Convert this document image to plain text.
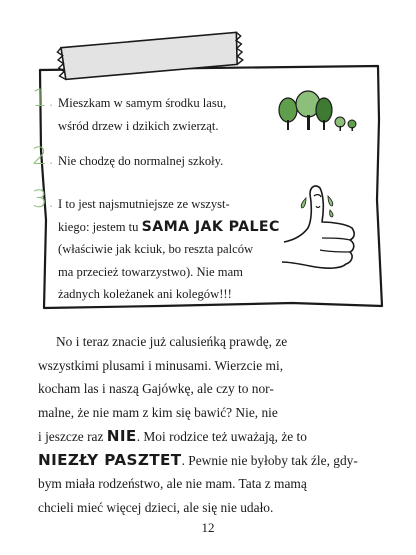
1. Mieszkam w samym środku lasu,
wśród drzew i dzikich zwierząt.

2. Nie chodzę do normalnej szkoły.

3. I to jest najsmutniejsze ze wszyst-
kiego: jestem tu SAMA JAK PALEC
(właściwie jak kciuk, bo reszta palców
ma przecież towarzystwo). Nie mam
żadnych koleżanek ani kolegów!!!

No i teraz znacie już calusieńką prawdę, ze
wszystkimi plusami i minusami. Wierzcie mi,
kocham las i naszą Gajówkę, ale czy to nor-
malne, że nie mam z kim się bawić? Nie, nie
i jeszcze raz NIE. Moi rodzice też uważają, że to
NIEZŁY PASZTET. Pewnie nie byłoby tak źle, gdy-
bym miała rodzeństwo, ale nie mam. Tata z mamą
chcieli mieć więcej dzieci, ale się nie udało.

12
